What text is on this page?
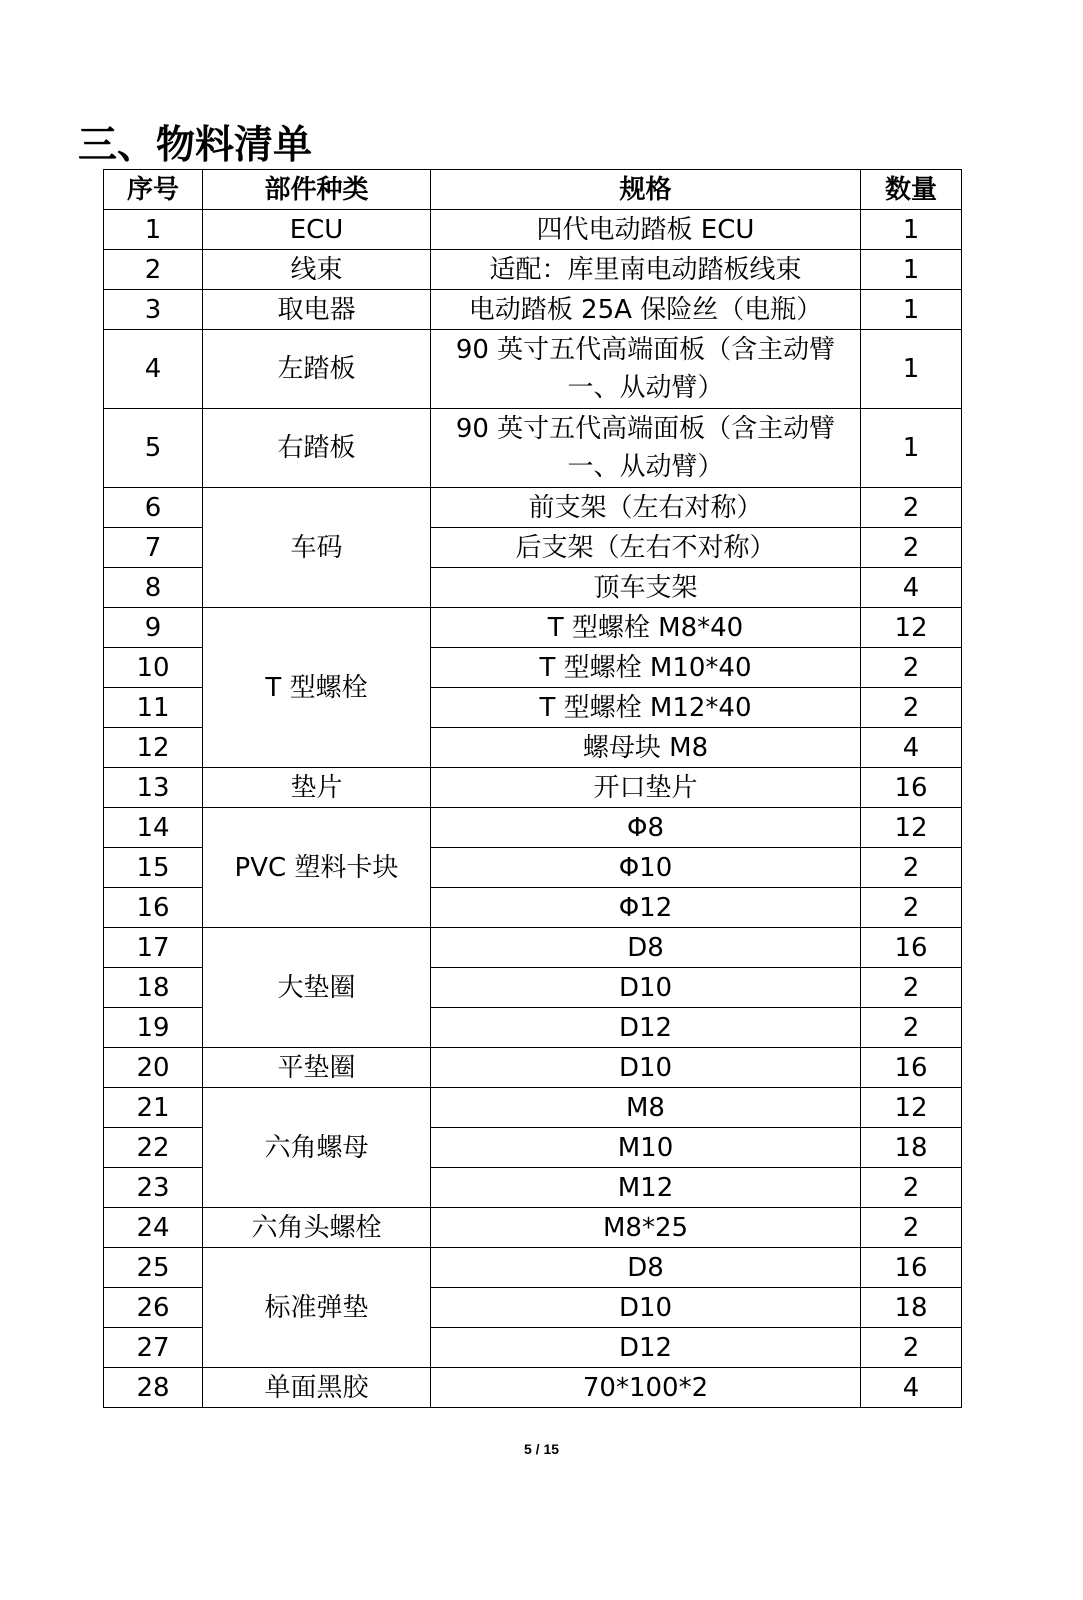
三、物料清单
序号	部件种类	规格	数量
1	ECU	四代电动踏板 ECU	1
2	线束	适配：库里南电动踏板线束	1
3	取电器	电动踏板 25A 保险丝（电瓶）	1
4	左踏板	90 英寸五代高端面板（含主动臂一、从动臂）	1
5	右踏板	90 英寸五代高端面板（含主动臂一、从动臂）	1
6	车码	前支架（左右对称）	2
7		后支架（左右不对称）	2
8		顶车支架	4
9	T 型螺栓	T 型螺栓 M8*40	12
10		T 型螺栓 M10*40	2
11		T 型螺栓 M12*40	2
12		螺母块 M8	4
13	垫片	开口垫片	16
14	PVC 塑料卡块	Φ8	12
15		Φ10	2
16		Φ12	2
17	大垫圈	D8	16
18		D10	2
19		D12	2
20	平垫圈	D10	16
21	六角螺母	M8	12
22		M10	18
23		M12	2
24	六角头螺栓	M8*25	2
25	标准弹垫	D8	16
26		D10	18
27		D12	2
28	单面黑胶	70*100*2	4
5 / 15
